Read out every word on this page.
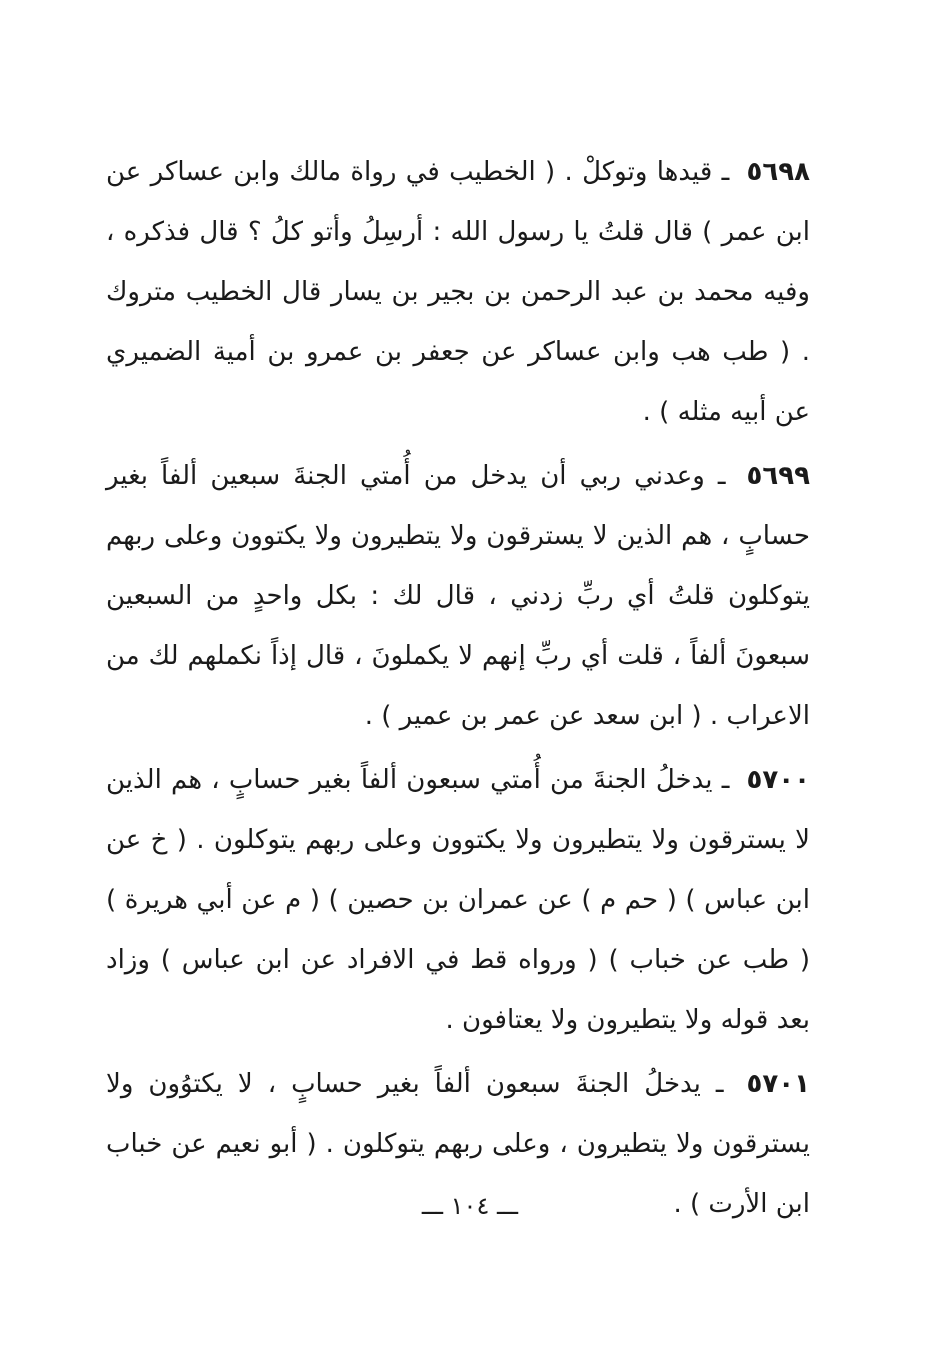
٥٦٩٨ ـ قيدها وتوكلْ . ( الخطيب في رواة مالك وابن عساكر عن ابن عمر ) قال قلتُ يا رسول الله : أرسِلُ وأتو كلُ ؟ قال فذكره ، وفيه محمد بن عبد الرحمن بن بجير بن يسار قال الخطيب متروك . ( طب هب وابن عساكر عن جعفر بن عمرو بن أمية الضميري عن أبيه مثله ) .

٥٦٩٩ ـ وعدني ربي أن يدخل من أُمتي الجنةَ سبعين ألفاً بغير حسابٍ ، هم الذين لا يسترقون ولا يتطيرون ولا يكتوون وعلى ربهم يتوكلون قلتُ أي ربِّ زدني ، قال لك : بكل واحدٍ من السبعين سبعونَ ألفاً ، قلت أي ربِّ إنهم لا يكملونَ ، قال إذاً نكملهم لك من الاعراب . ( ابن سعد عن عمر بن عمير ) .

٥٧٠٠ ـ يدخلُ الجنةَ من أُمتي سبعون ألفاً بغير حسابٍ ، هم الذين لا يسترقون ولا يتطيرون ولا يكتوون وعلى ربهم يتوكلون . ( خ عن ابن عباس ) ( حم م ) عن عمران بن حصين ) ( م عن أبي هريرة ) ( طب عن خباب ) ( ورواه قط في الافراد عن ابن عباس ) وزاد بعد قوله ولا يتطيرون ولا يعتافون .

٥٧٠١ ـ يدخلُ الجنةَ سبعون ألفاً بغير حسابٍ ، لا يكتوُون ولا يسترقون ولا يتطيرون ، وعلى ربهم يتوكلون . ( أبو نعيم عن خباب ابن الأرت ) .

ـــ ١٠٤ ـــ
